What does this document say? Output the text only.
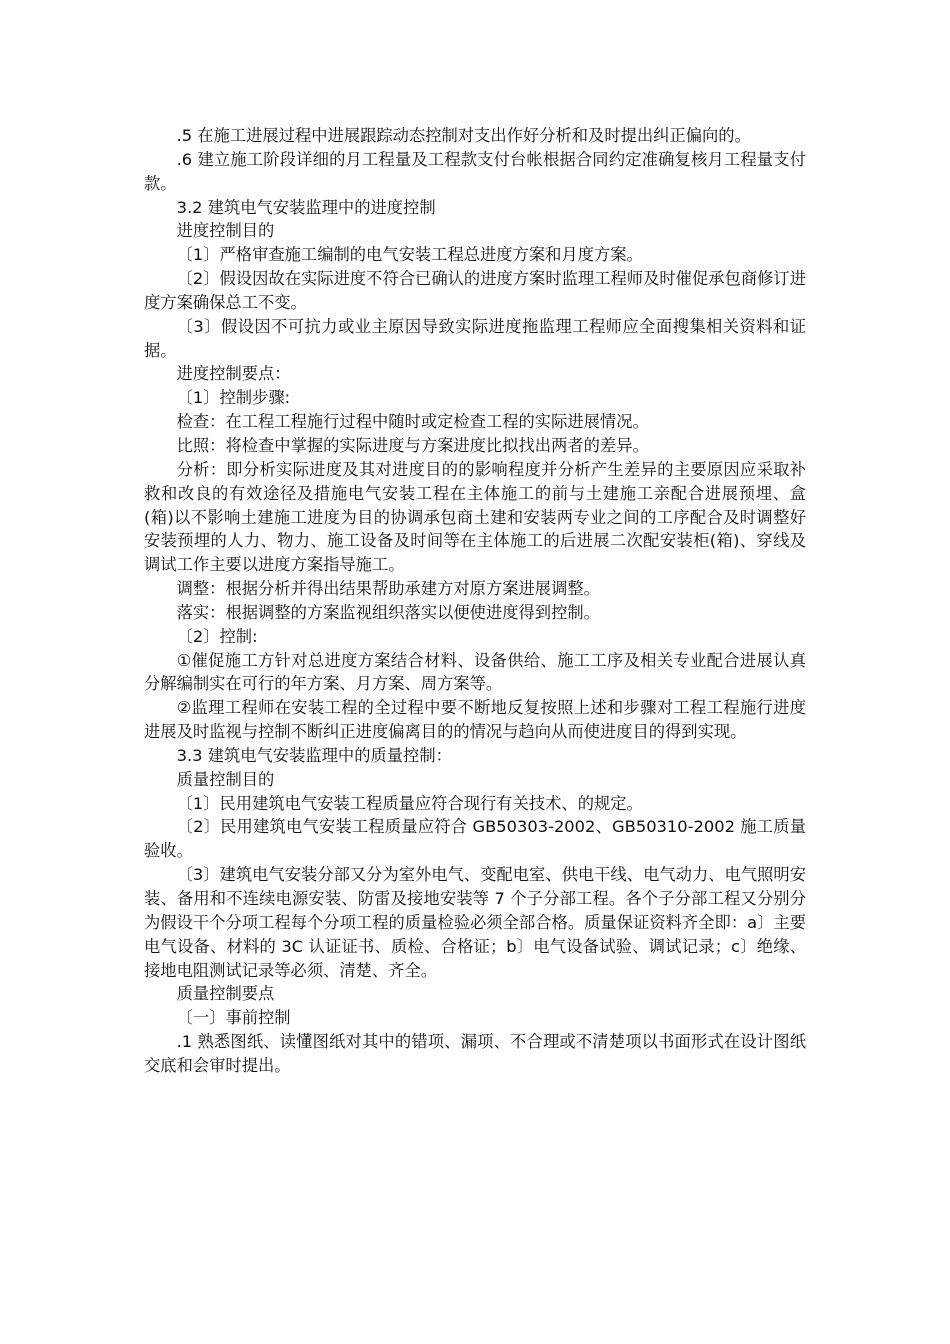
.5 在施工进展过程中进展跟踪动态控制对支出作好分析和及时提出纠正偏向的。

.6 建立施工阶段详细的月工程量及工程款支付台帐根据合同约定准确复核月工程量支付款。

3.2 建筑电气安装监理中的进度控制

进度控制目的

〔1〕严格审查施工编制的电气安装工程总进度方案和月度方案。

〔2〕假设因故在实际进度不符合已确认的进度方案时监理工程师及时催促承包商修订进度方案确保总工不变。

〔3〕假设因不可抗力或业主原因导致实际进度拖监理工程师应全面搜集相关资料和证据。

进度控制要点：

〔1〕控制步骤:

检查：在工程工程施行过程中随时或定检查工程的实际进展情况。

比照：将检查中掌握的实际进度与方案进度比拟找出两者的差异。

分析：即分析实际进度及其对进度目的的影响程度并分析产生差异的主要原因应采取补救和改良的有效途径及措施电气安装工程在主体施工的前与土建施工亲配合进展预埋、盒(箱)以不影响土建施工进度为目的协调承包商土建和安装两专业之间的工序配合及时调整好安装预埋的人力、物力、施工设备及时间等在主体施工的后进展二次配安装柜(箱)、穿线及调试工作主要以进度方案指导施工。

调整：根据分析并得出结果帮助承建方对原方案进展调整。

落实：根据调整的方案监视组织落实以便使进度得到控制。

〔2〕控制:

①催促施工方针对总进度方案结合材料、设备供给、施工工序及相关专业配合进展认真分解编制实在可行的年方案、月方案、周方案等。

②监理工程师在安装工程的全过程中要不断地反复按照上述和步骤对工程工程施行进度进展及时监视与控制不断纠正进度偏离目的的情况与趋向从而使进度目的得到实现。

3.3 建筑电气安装监理中的质量控制：

质量控制目的

〔1〕民用建筑电气安装工程质量应符合现行有关技术、的规定。

〔2〕民用建筑电气安装工程质量应符合 GB50303-2002、GB50310-2002 施工质量验收。

〔3〕建筑电气安装分部又分为室外电气、变配电室、供电干线、电气动力、电气照明安装、备用和不连续电源安装、防雷及接地安装等 7 个子分部工程。各个子分部工程又分别分为假设干个分项工程每个分项工程的质量检验必须全部合格。质量保证资料齐全即：a〕主要电气设备、材料的 3C 认证证书、质检、合格证；b〕电气设备试验、调试记录；c〕绝缘、接地电阻测试记录等必须、清楚、齐全。

质量控制要点

〔一〕事前控制

.1 熟悉图纸、读懂图纸对其中的错项、漏项、不合理或不清楚项以书面形式在设计图纸交底和会审时提出。
